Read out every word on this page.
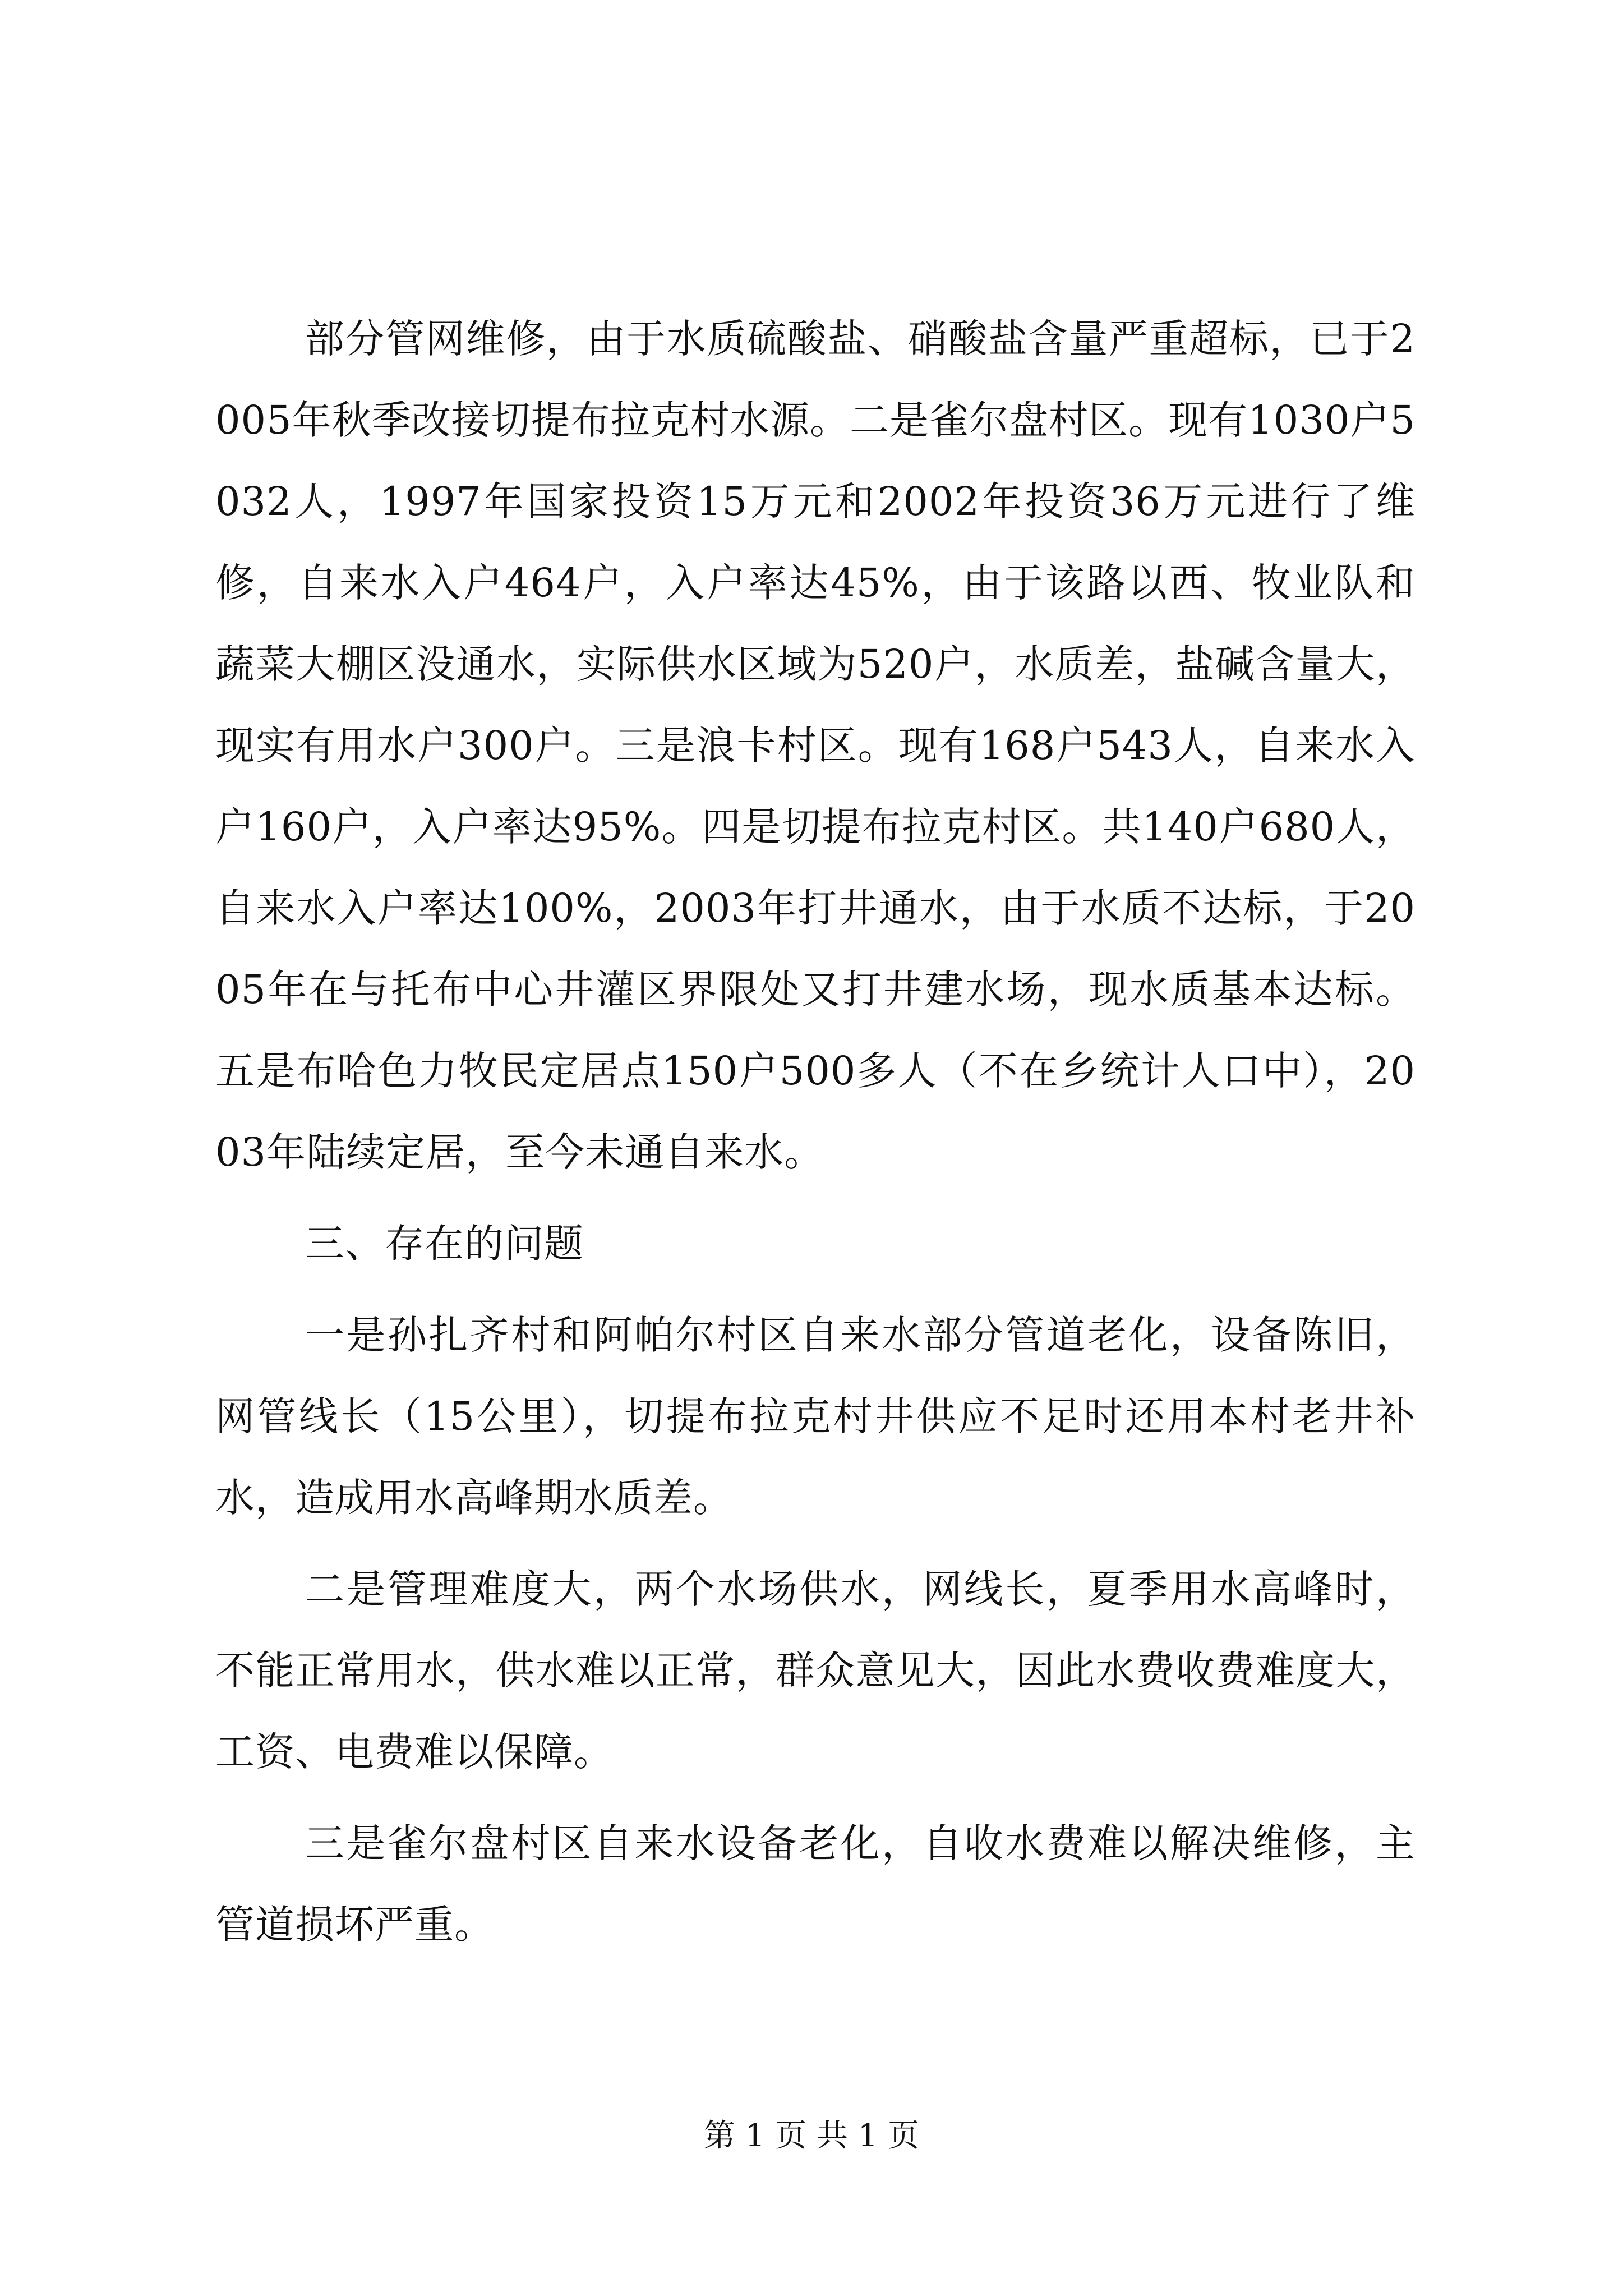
部分管网维修，由于水质硫酸盐、硝酸盐含量严重超标，已于2005年秋季改接切提布拉克村水源。二是雀尔盘村区。现有1030户5032人，1997年国家投资15万元和2002年投资36万元进行了维修，自来水入户464户，入户率达45%，由于该路以西、牧业队和蔬菜大棚区没通水，实际供水区域为520户，水质差，盐碱含量大，现实有用水户300户。三是浪卡村区。现有168户543人，自来水入户160户，入户率达95%。四是切提布拉克村区。共140户680人，自来水入户率达100%，2003年打井通水，由于水质不达标，于2005年在与托布中心井灌区界限处又打井建水场，现水质基本达标。五是布哈色力牧民定居点150户500多人（不在乡统计人口中），2003年陆续定居，至今未通自来水。

三、存在的问题

一是孙扎齐村和阿帕尔村区自来水部分管道老化，设备陈旧，网管线长（15公里），切提布拉克村井供应不足时还用本村老井补水，造成用水高峰期水质差。

二是管理难度大，两个水场供水，网线长，夏季用水高峰时，不能正常用水，供水难以正常，群众意见大，因此水费收费难度大，工资、电费难以保障。

三是雀尔盘村区自来水设备老化，自收水费难以解决维修，主管道损坏严重。

第 1 页 共 1 页
